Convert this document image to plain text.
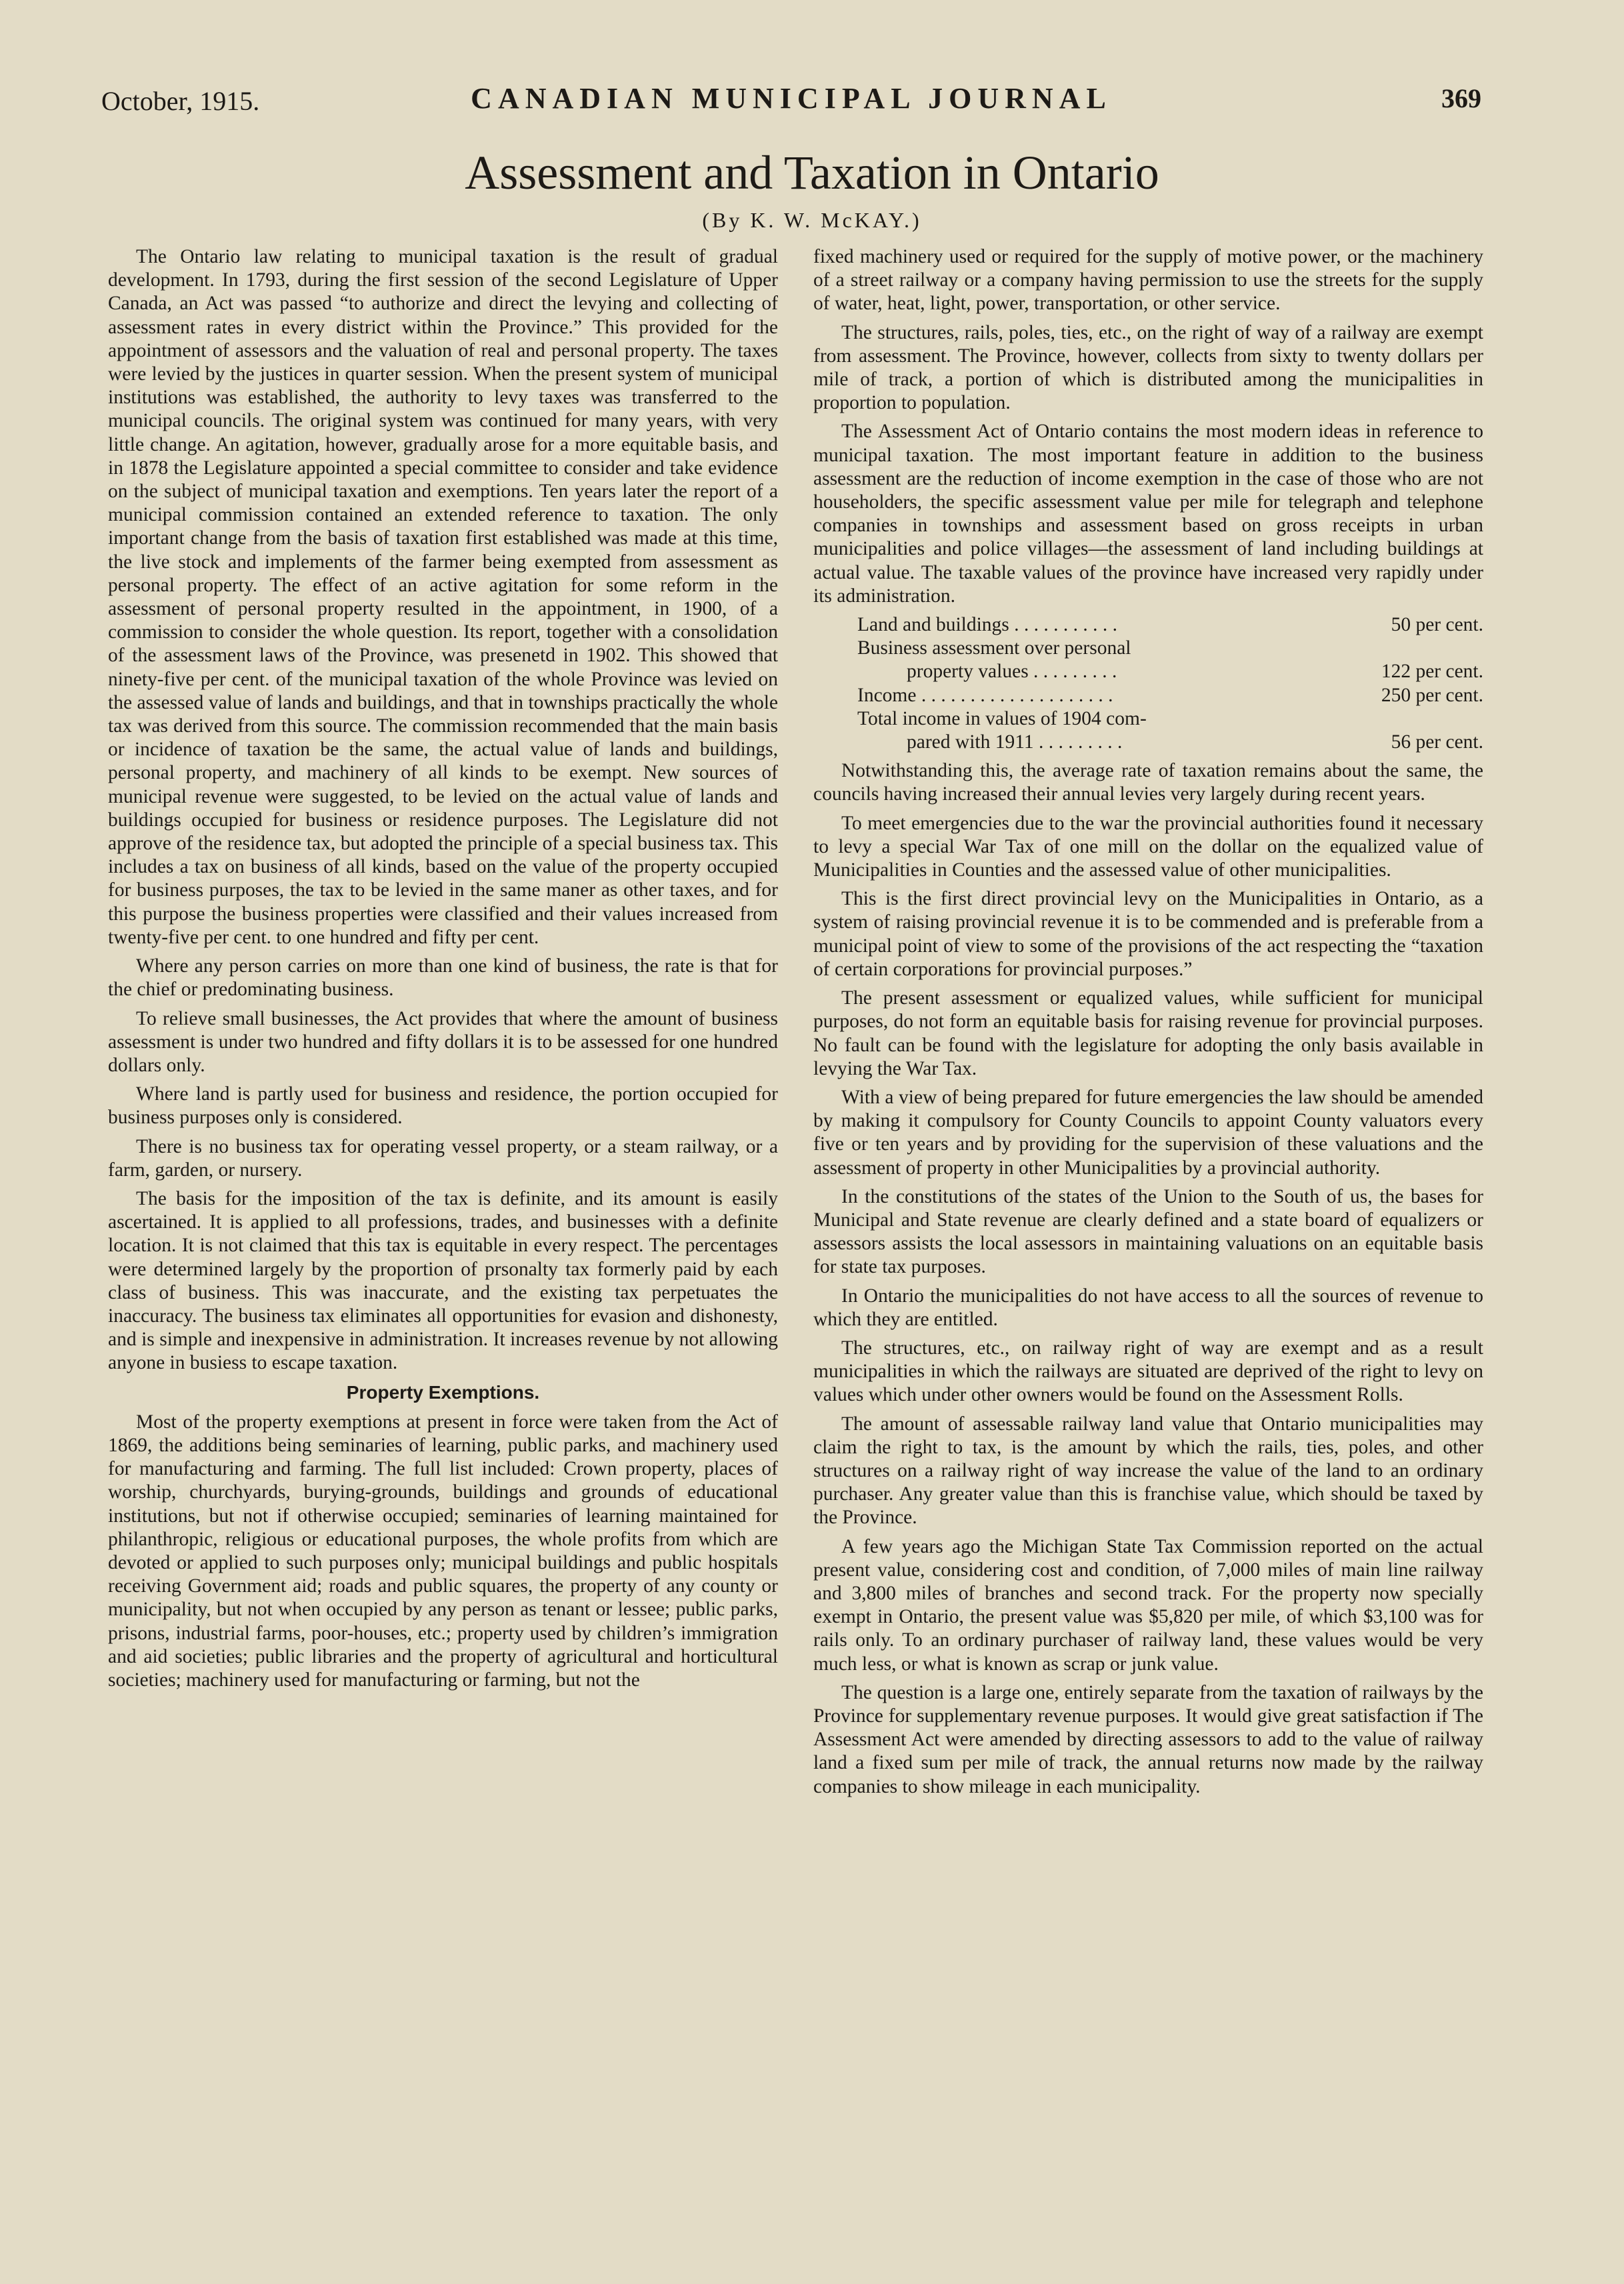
October, 1915.	CANADIAN MUNICIPAL JOURNAL	369
Assessment and Taxation in Ontario
(By K. W. McKAY.)

The Ontario law relating to municipal taxation is the result of gradual development. In 1793, during the first session of the second Legislature of Upper Canada, an Act was passed “to authorize and direct the levying and collecting of assessment rates in every district within the Province.” This provided for the appointment of assessors and the valuation of real and personal property. The taxes were levied by the justices in quarter session. When the present system of municipal institutions was established, the authority to levy taxes was transferred to the municipal councils. The original system was continued for many years, with very little change. An agitation, however, gradually arose for a more equitable basis, and in 1878 the Legislature appointed a special committee to consider and take evidence on the subject of municipal taxation and exemptions. Ten years later the report of a municipal commission contained an extended reference to taxation. The only important change from the basis of taxation first established was made at this time, the live stock and implements of the farmer being exempted from assessment as personal property. The effect of an active agitation for some reform in the assessment of personal property resulted in the appointment, in 1900, of a commission to consider the whole question. Its report, together with a consolidation of the assessment laws of the Province, was presenetd in 1902. This showed that ninety-five per cent. of the municipal taxation of the whole Province was levied on the assessed value of lands and buildings, and that in townships practically the whole tax was derived from this source. The commission recommended that the main basis or incidence of taxation be the same, the actual value of lands and buildings, personal property, and machinery of all kinds to be exempt. New sources of municipal revenue were suggested, to be levied on the actual value of lands and buildings occupied for business or residence purposes. The Legislature did not approve of the residence tax, but adopted the principle of a special business tax. This includes a tax on business of all kinds, based on the value of the property occupied for business purposes, the tax to be levied in the same maner as other taxes, and for this purpose the business properties were classified and their values increased from twenty-five per cent. to one hundred and fifty per cent.

Where any person carries on more than one kind of business, the rate is that for the chief or predominating business.

To relieve small businesses, the Act provides that where the amount of business assessment is under two hundred and fifty dollars it is to be assessed for one hundred dollars only.

Where land is partly used for business and residence, the portion occupied for business purposes only is considered.

There is no business tax for operating vessel property, or a steam railway, or a farm, garden, or nursery.

The basis for the imposition of the tax is definite, and its amount is easily ascertained. It is applied to all professions, trades, and businesses with a definite location. It is not claimed that this tax is equitable in every respect. The percentages were determined largely by the proportion of prsonalty tax formerly paid by each class of business. This was inaccurate, and the existing tax perpetuates the inaccuracy. The business tax eliminates all opportunities for evasion and dishonesty, and is simple and inexpensive in administration. It increases revenue by not allowing anyone in busiess to escape taxation.

Property Exemptions.

Most of the property exemptions at present in force were taken from the Act of 1869, the additions being seminaries of learning, public parks, and machinery used for manufacturing and farming. The full list included: Crown property, places of worship, churchyards, burying-grounds, buildings and grounds of educational institutions, but not if otherwise occupied; seminaries of learning maintained for philanthropic, religious or educational purposes, the whole profits from which are devoted or applied to such purposes only; municipal buildings and public hospitals receiving Government aid; roads and public squares, the property of any county or municipality, but not when occupied by any person as tenant or lessee; public parks, prisons, industrial farms, poor-houses, etc.; property used by children’s immigration and aid societies; public libraries and the property of agricultural and horticultural societies; machinery used for manufacturing or farming, but not the

fixed machinery used or required for the supply of motive power, or the machinery of a street railway or a company having permission to use the streets for the supply of water, heat, light, power, transportation, or other service.

The structures, rails, poles, ties, etc., on the right of way of a railway are exempt from assessment. The Province, however, collects from sixty to twenty dollars per mile of track, a portion of which is distributed among the municipalities in proportion to population.

The Assessment Act of Ontario contains the most modern ideas in reference to municipal taxation. The most important feature in addition to the business assessment are the reduction of income exemption in the case of those who are not householders, the specific assessment value per mile for telegraph and telephone companies in townships and assessment based on gross receipts in urban municipalities and police villages—the assessment of land including buildings at actual value. The taxable values of the province have increased very rapidly under its administration.

Land and buildings . . . . . . . . . . .	50 per cent.
Business assessment over personal
property values . . . . . . . . .	122 per cent.
Income . . . . . . . . . . . . . . . . . . . .	250 per cent.
Total income in values of 1904 com-
pared with 1911 . . . . . . . . .	56 per cent.

Notwithstanding this, the average rate of taxation remains about the same, the councils having increased their annual levies very largely during recent years.

To meet emergencies due to the war the provincial authorities found it necessary to levy a special War Tax of one mill on the dollar on the equalized value of Municipalities in Counties and the assessed value of other municipalities.

This is the first direct provincial levy on the Municipalities in Ontario, as a system of raising provincial revenue it is to be commended and is preferable from a municipal point of view to some of the provisions of the act respecting the “taxation of certain corporations for provincial purposes.”

The present assessment or equalized values, while sufficient for municipal purposes, do not form an equitable basis for raising revenue for provincial purposes. No fault can be found with the legislature for adopting the only basis available in levying the War Tax.

With a view of being prepared for future emergencies the law should be amended by making it compulsory for County Councils to appoint County valuators every five or ten years and by providing for the supervision of these valuations and the assessment of property in other Municipalities by a provincial authority.

In the constitutions of the states of the Union to the South of us, the bases for Municipal and State revenue are clearly defined and a state board of equalizers or assessors assists the local assessors in maintaining valuations on an equitable basis for state tax purposes.

In Ontario the municipalities do not have access to all the sources of revenue to which they are entitled.

The structures, etc., on railway right of way are exempt and as a result municipalities in which the railways are situated are deprived of the right to levy on values which under other owners would be found on the Assessment Rolls.

The amount of assessable railway land value that Ontario municipalities may claim the right to tax, is the amount by which the rails, ties, poles, and other structures on a railway right of way increase the value of the land to an ordinary purchaser. Any greater value than this is franchise value, which should be taxed by the Province.

A few years ago the Michigan State Tax Commission reported on the actual present value, considering cost and condition, of 7,000 miles of main line railway and 3,800 miles of branches and second track. For the property now specially exempt in Ontario, the present value was $5,820 per mile, of which $3,100 was for rails only. To an ordinary purchaser of railway land, these values would be very much less, or what is known as scrap or junk value.

The question is a large one, entirely separate from the taxation of railways by the Province for supplementary revenue purposes. It would give great satisfaction if The Assessment Act were amended by directing assessors to add to the value of railway land a fixed sum per mile of track, the annual returns now made by the railway companies to show mileage in each municipality.
